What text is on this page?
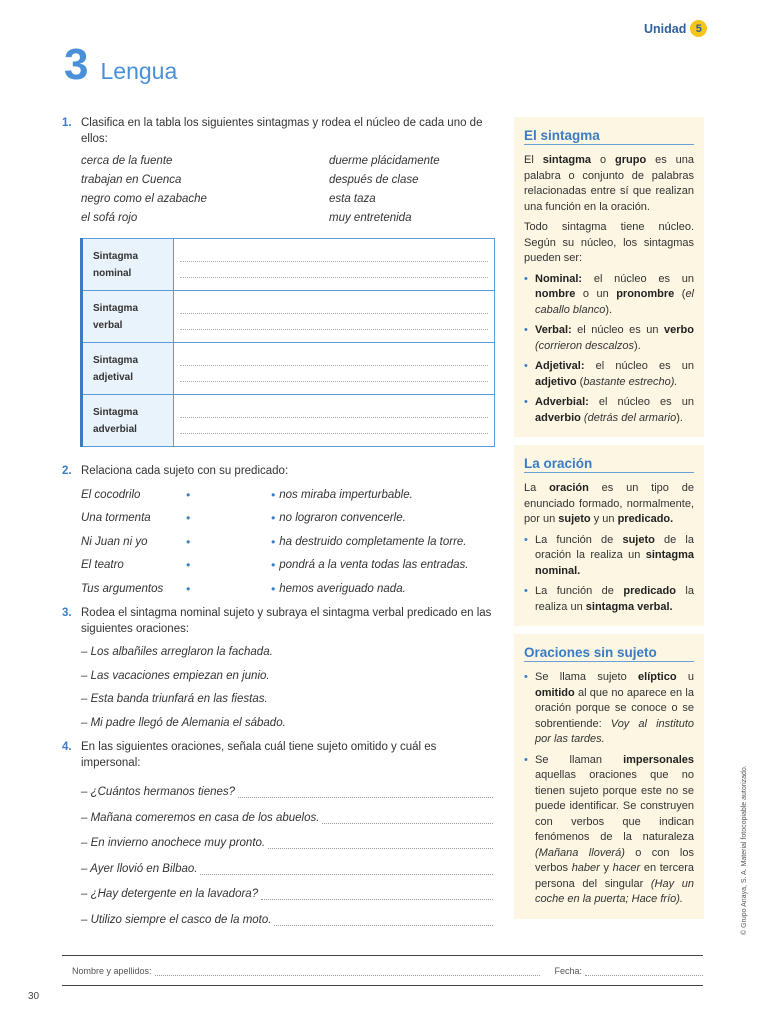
Unidad 5
3 Lengua
1. Clasifica en la tabla los siguientes sintagmas y rodea el núcleo de cada uno de ellos:
cerca de la fuente	duerme plácidamente
trabajan en Cuenca	después de clase
negro como el azabache	esta taza
el sofá rojo	muy entretenida
Sintagma
nominal	

Sintagma
verbal	

Sintagma
adjetival	

Sintagma
adverbial	
2. Relaciona cada sujeto con su predicado:
El cocodrilo	•	• nos miraba imperturbable.
Una tormenta	•	• no lograron convencerle.
Ni Juan ni yo	•	• ha destruido completamente la torre.
El teatro	•	• pondrá a la venta todas las entradas.
Tus argumentos	•	• hemos averiguado nada.
3. Rodea el sintagma nominal sujeto y subraya el sintagma verbal predicado en las siguientes oraciones:
– Los albañiles arreglaron la fachada.
– Las vacaciones empiezan en junio.
– Esta banda triunfará en las fiestas.
– Mi padre llegó de Alemania el sábado.
4. En las siguientes oraciones, señala cuál tiene sujeto omitido y cuál es impersonal:
– ¿Cuántos hermanos tienes?
– Mañana comeremos en casa de los abuelos.
– En invierno anochece muy pronto.
– Ayer llovió en Bilbao.
– ¿Hay detergente en la lavadora?
– Utilizo siempre el casco de la moto.
El sintagma

El sintagma o grupo es una palabra o conjunto de palabras relacionadas entre sí que realizan una función en la oración.

Todo sintagma tiene núcleo. Según su núcleo, los sintagmas pueden ser:

• Nominal: el núcleo es un nombre o un pronombre (el caballo blanco).
• Verbal: el núcleo es un verbo (corrieron descalzos).
• Adjetival: el núcleo es un adjetivo (bastante estrecho).
• Adverbial: el núcleo es un adverbio (detrás del armario).
La oración

La oración es un tipo de enunciado formado, normalmente, por un sujeto y un predicado.

• La función de sujeto de la oración la realiza un sintagma nominal.
• La función de predicado la realiza un sintagma verbal.
Oraciones sin sujeto
• Se llama sujeto elíptico u omitido al que no aparece en la oración porque se conoce o se sobrentiende: Voy al instituto por las tardes.
• Se llaman impersonales aquellas oraciones que no tienen sujeto porque este no se puede identificar. Se construyen con verbos que indican fenómenos de la naturaleza (Mañana lloverá) o con los verbos haber y hacer en tercera persona del singular (Hay un coche en la puerta; Hace frío).	© Grupo Anaya, S. A. Material fotocopiable autorizado.
Nombre y apellidos:	Fecha:
30
